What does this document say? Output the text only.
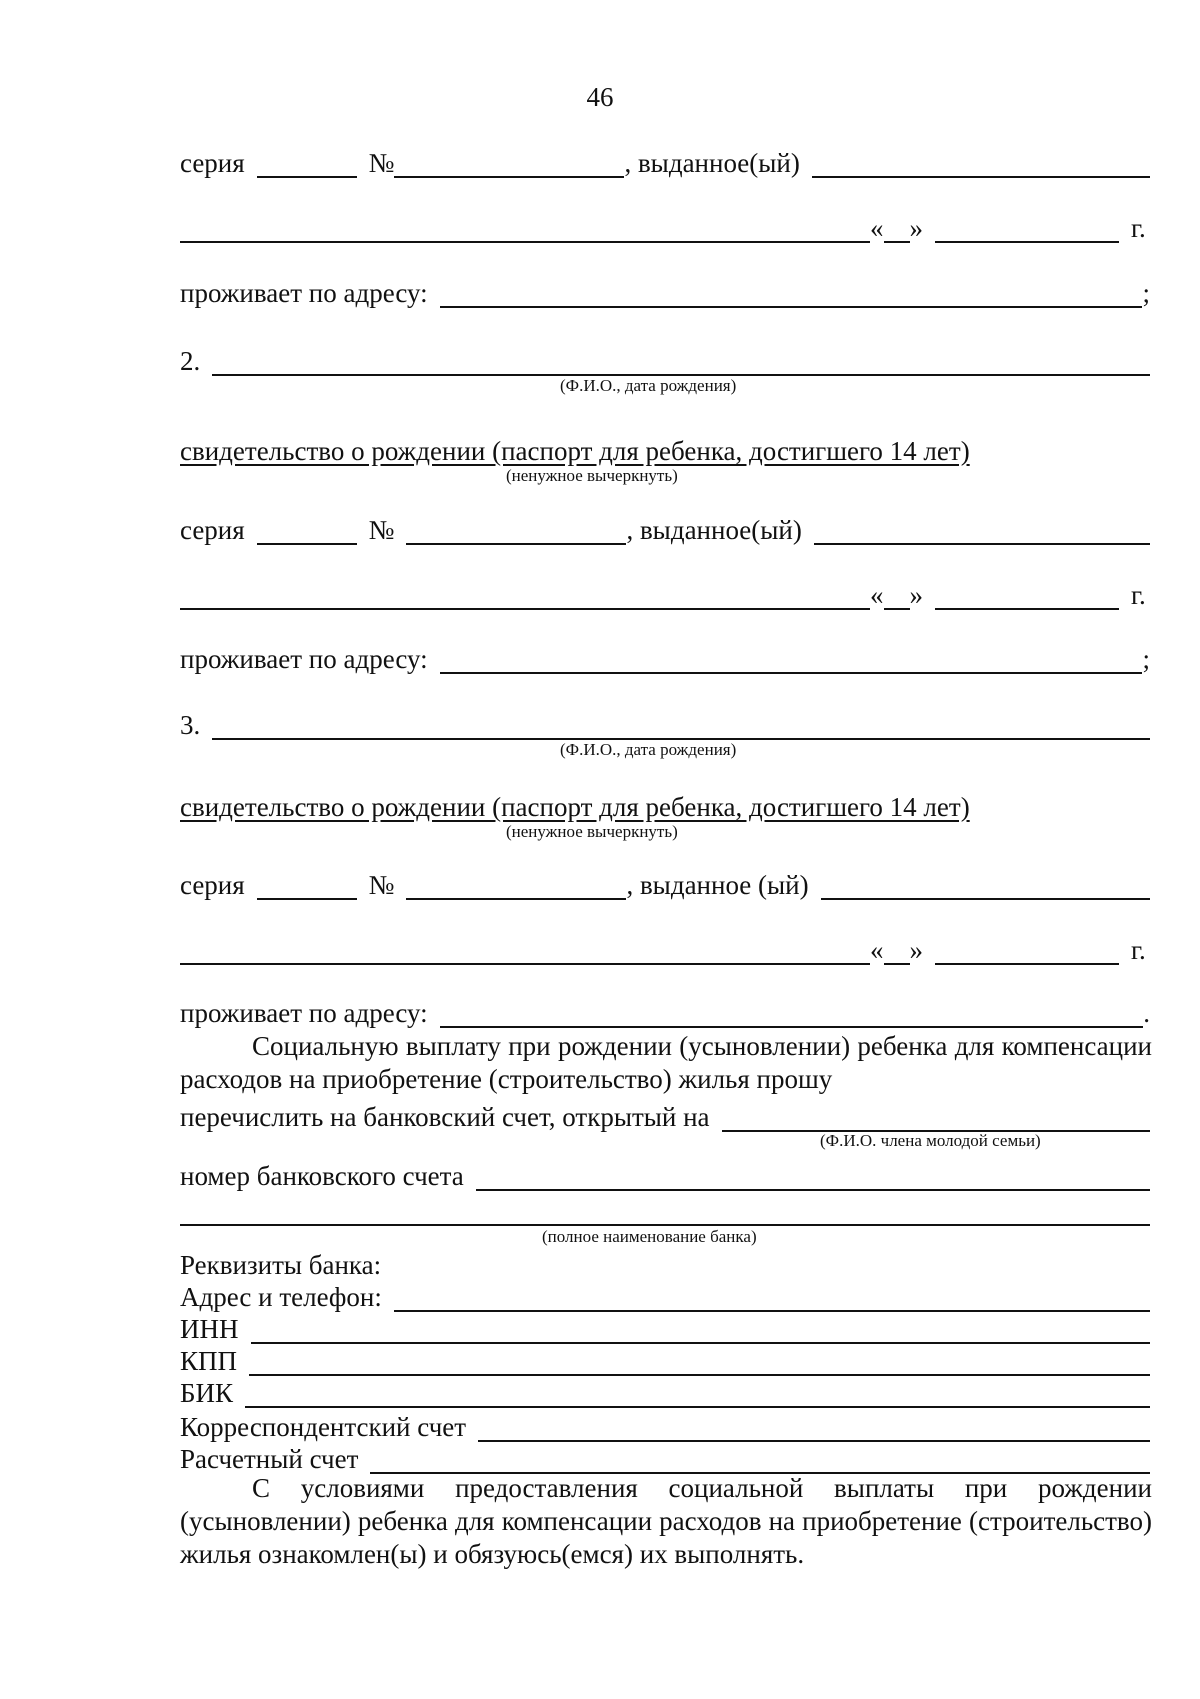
46
серия	№	, выданное(ый)
« »	г.
проживает по адресу:	;
2.
(Ф.И.О., дата рождения)
свидетельство о рождении (паспорт для ребенка, достигшего 14 лет)
(ненужное вычеркнуть)
серия	№	, выданное(ый)
« »	г.
проживает по адресу:	;
3.
(Ф.И.О., дата рождения)
свидетельство о рождении (паспорт для ребенка, достигшего 14 лет)
(ненужное вычеркнуть)
серия	№	, выданное (ый)
« »	г.
проживает по адресу:	.
Социальную выплату при рождении (усыновлении) ребенка для компенсации расходов на приобретение (строительство) жилья прошу
перечислить на банковский счет, открытый на
(Ф.И.О. члена молодой семьи)
номер банковского счета
(полное наименование банка)
Реквизиты банка:
Адрес и телефон:
ИНН
КПП
БИК
Корреспондентский счет
Расчетный счет
С условиями предоставления социальной выплаты при рождении (усыновлении) ребенка для компенсации расходов на приобретение (строительство) жилья ознакомлен(ы) и обязуюсь(емся) их выполнять.
